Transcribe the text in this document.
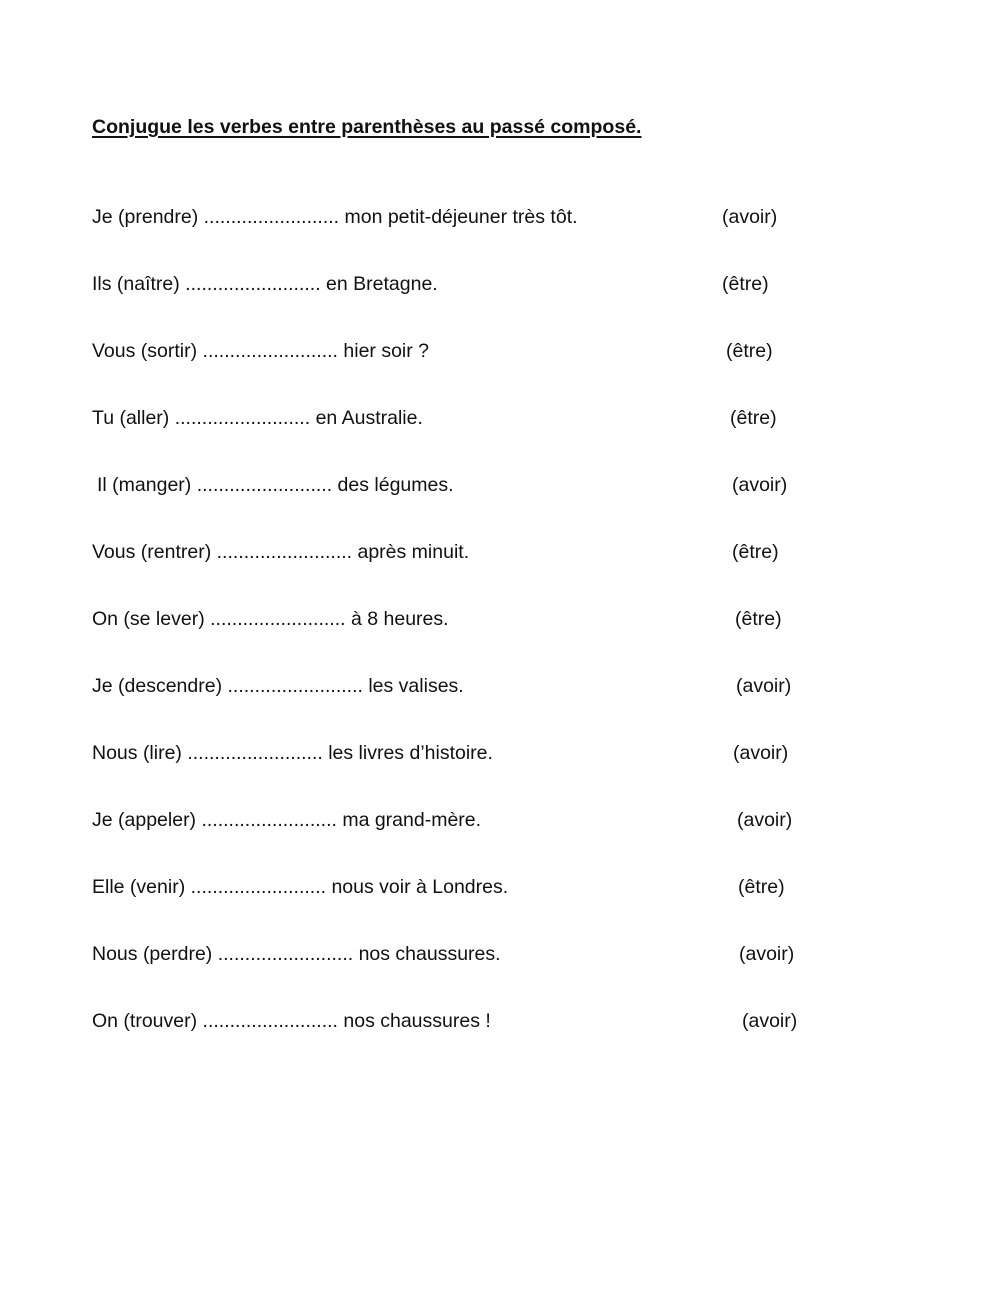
Conjugue les verbes entre parenthèses au passé composé.
Je (prendre) ......................... mon petit-déjeuner très tôt.	(avoir)
Ils (naître) ......................... en Bretagne.	(être)
Vous (sortir) ......................... hier soir ?	(être)
Tu (aller) ......................... en Australie.	(être)
Il (manger) ......................... des légumes.	(avoir)
Vous (rentrer) ......................... après minuit.	(être)
On (se lever) ......................... à 8 heures.	(être)
Je (descendre) ......................... les valises.	(avoir)
Nous (lire) ......................... les livres d’histoire.	(avoir)
Je (appeler) ......................... ma grand-mère.	(avoir)
Elle (venir) ......................... nous voir à Londres.	(être)
Nous (perdre) ......................... nos chaussures.	(avoir)
On (trouver) ......................... nos chaussures !	(avoir)
